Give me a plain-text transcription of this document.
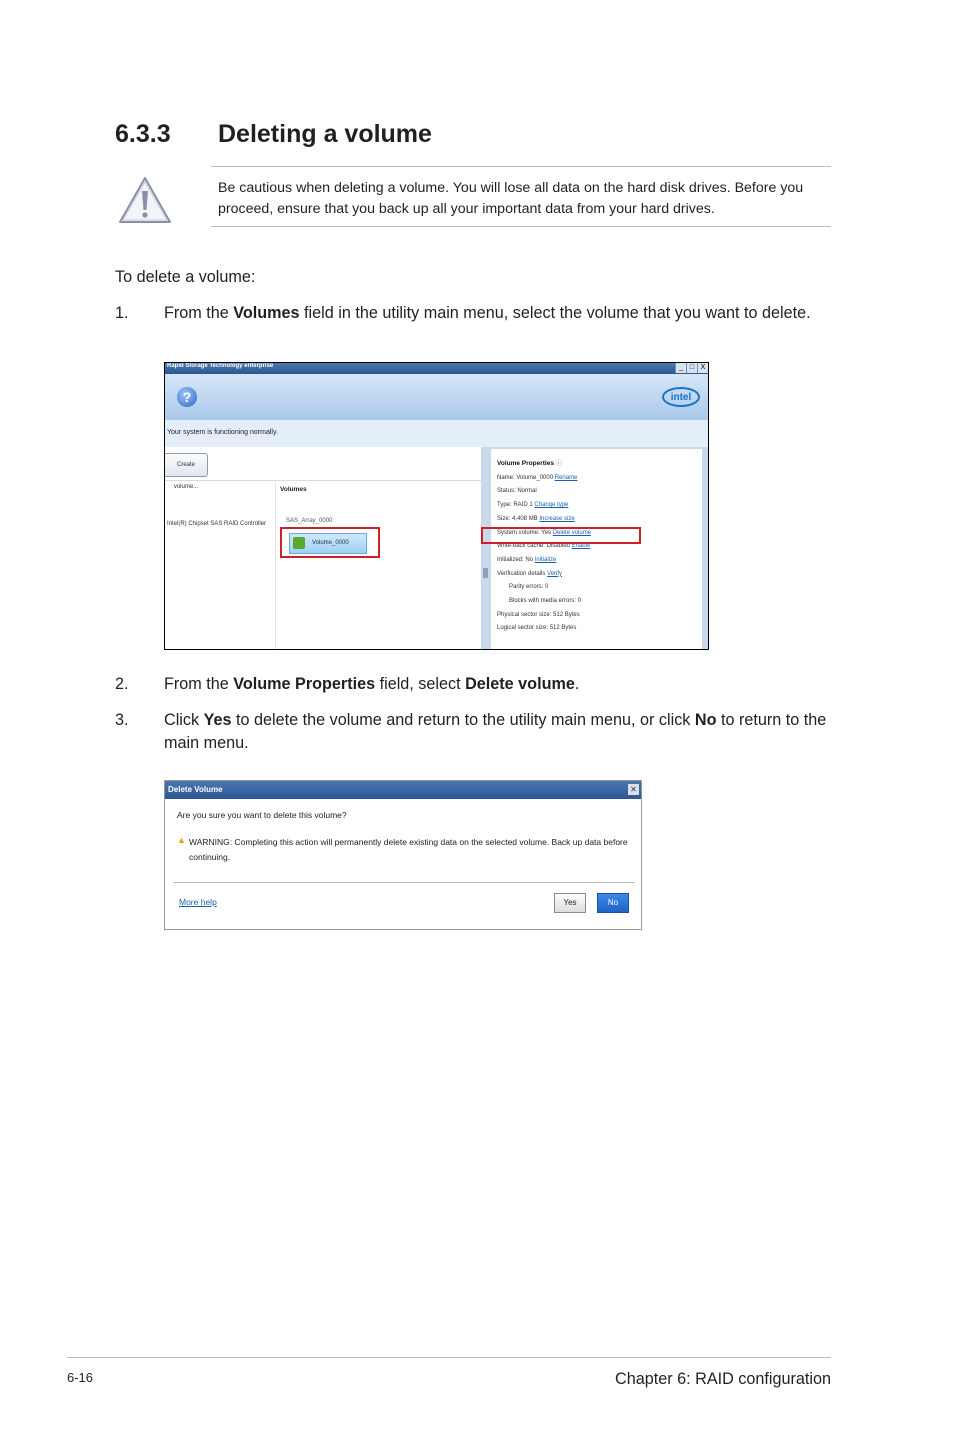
6.3.3 Deleting a volume
Be cautious when deleting a volume. You will lose all data on the hard disk drives. Before you proceed, ensure that you back up all your important data from your hard drives.
To delete a volume:
1. From the Volumes field in the utility main menu, select the volume that you want to delete.
Rapid Storage Technology enterprise	_ □ X
?	intel
Your system is functioning normally.
Create volume...
Intel(R) Chipset SAS RAID Controller
Volumes
SAS_Array_0000
Volume_0000
Volume Properties ⓘ
Name: Volume_0000 Rename
Status: Normal
Type: RAID 1 Change type
Size: 4,408 MB Increase size
System volume: Yes Delete volume
Write-back cache: Disabled Enable
Initialized: No Initialize
Verification details Verify
Parity errors: 0
Blocks with media errors: 0
Physical sector size: 512 Bytes
Logical sector size: 512 Bytes
2. From the Volume Properties field, select Delete volume.
3. Click Yes to delete the volume and return to the utility main menu, or click No to return to the main menu.
Delete Volume	✕
Are you sure you want to delete this volume?
▲ WARNING: Completing this action will permanently delete existing data on the selected volume. Back up data before continuing.
More help	Yes	No
6-16	Chapter 6: RAID configuration
